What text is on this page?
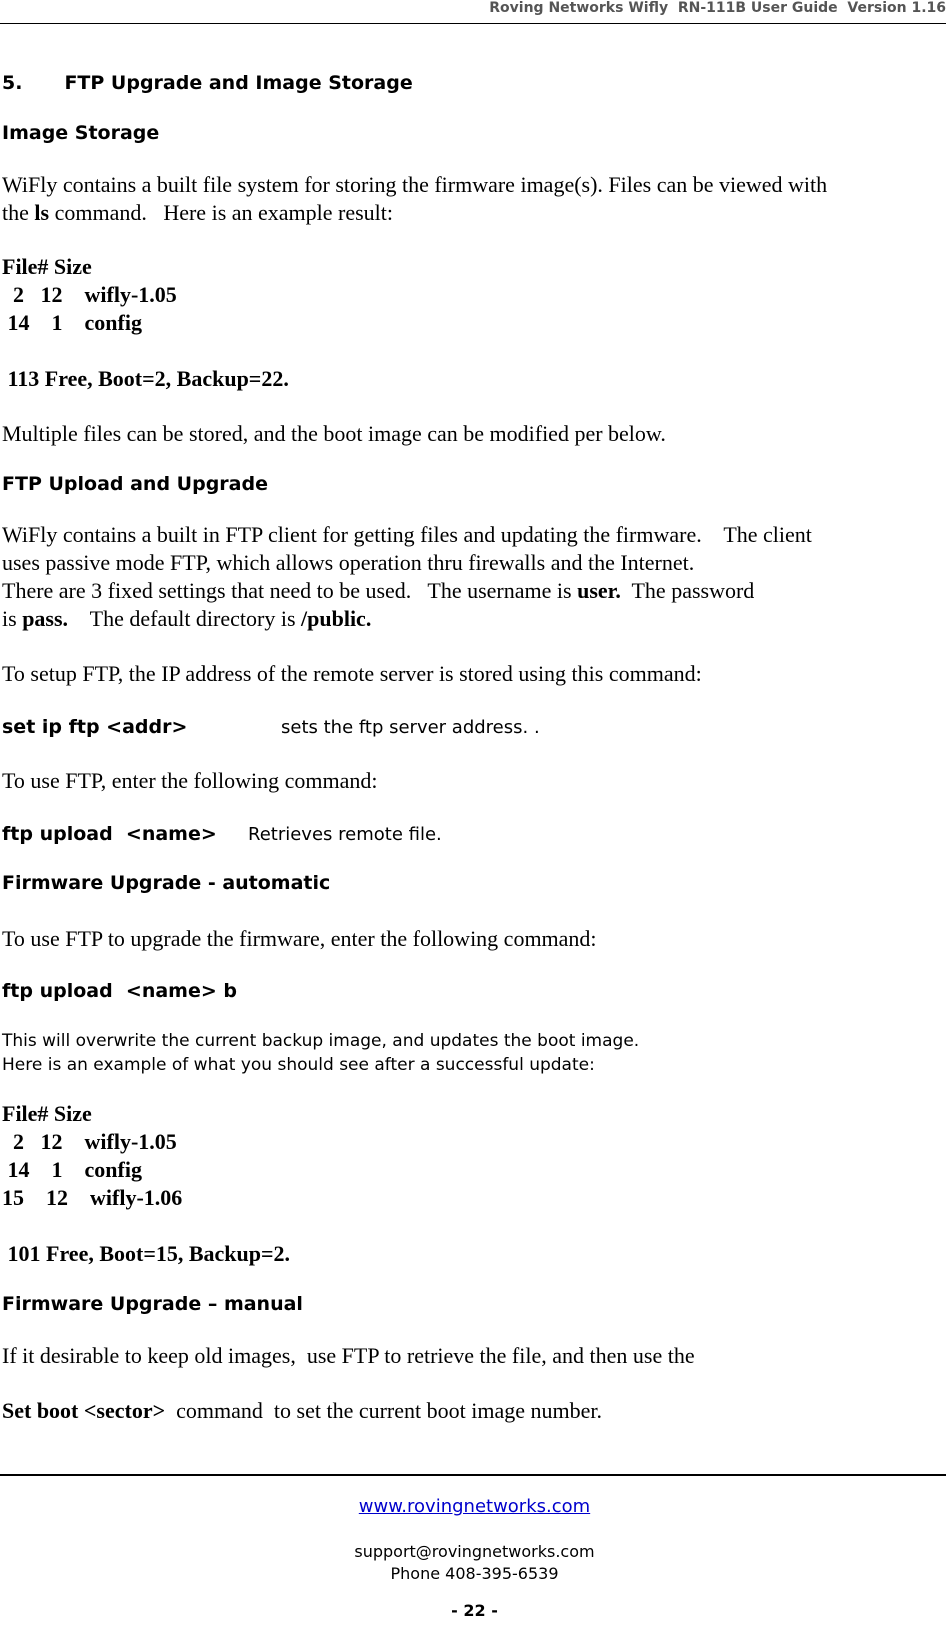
Roving Networks Wifly  RN-111B User Guide  Version 1.16
5. FTP Upgrade and Image Storage
Image Storage
WiFly contains a built file system for storing the firmware image(s). Files can be viewed with
the ls command.   Here is an example result:
File# Size
2   12    wifly-1.05
14    1    config
113 Free, Boot=2, Backup=22.
Multiple files can be stored, and the boot image can be modified per below.
FTP Upload and Upgrade
WiFly contains a built in FTP client for getting files and updating the firmware.    The client
uses passive mode FTP, which allows operation thru firewalls and the Internet.
There are 3 fixed settings that need to be used.   The username is user.  The password
is pass.    The default directory is /public.
To setup FTP, the IP address of the remote server is stored using this command:
set ip ftp <addr>	sets the ftp server address. .
To use FTP, enter the following command:
ftp upload  <name> Retrieves remote file.
Firmware Upgrade - automatic
To use FTP to upgrade the firmware, enter the following command:
ftp upload  <name> b
This will overwrite the current backup image, and updates the boot image.
Here is an example of what you should see after a successful update:
File# Size
2   12    wifly-1.05
14    1    config
15    12    wifly-1.06
101 Free, Boot=15, Backup=2.
Firmware Upgrade – manual
If it desirable to keep old images,  use FTP to retrieve the file, and then use the
Set boot <sector>  command  to set the current boot image number.
www.rovingnetworks.com
support@rovingnetworks.com
Phone 408-395-6539
- 22 -
